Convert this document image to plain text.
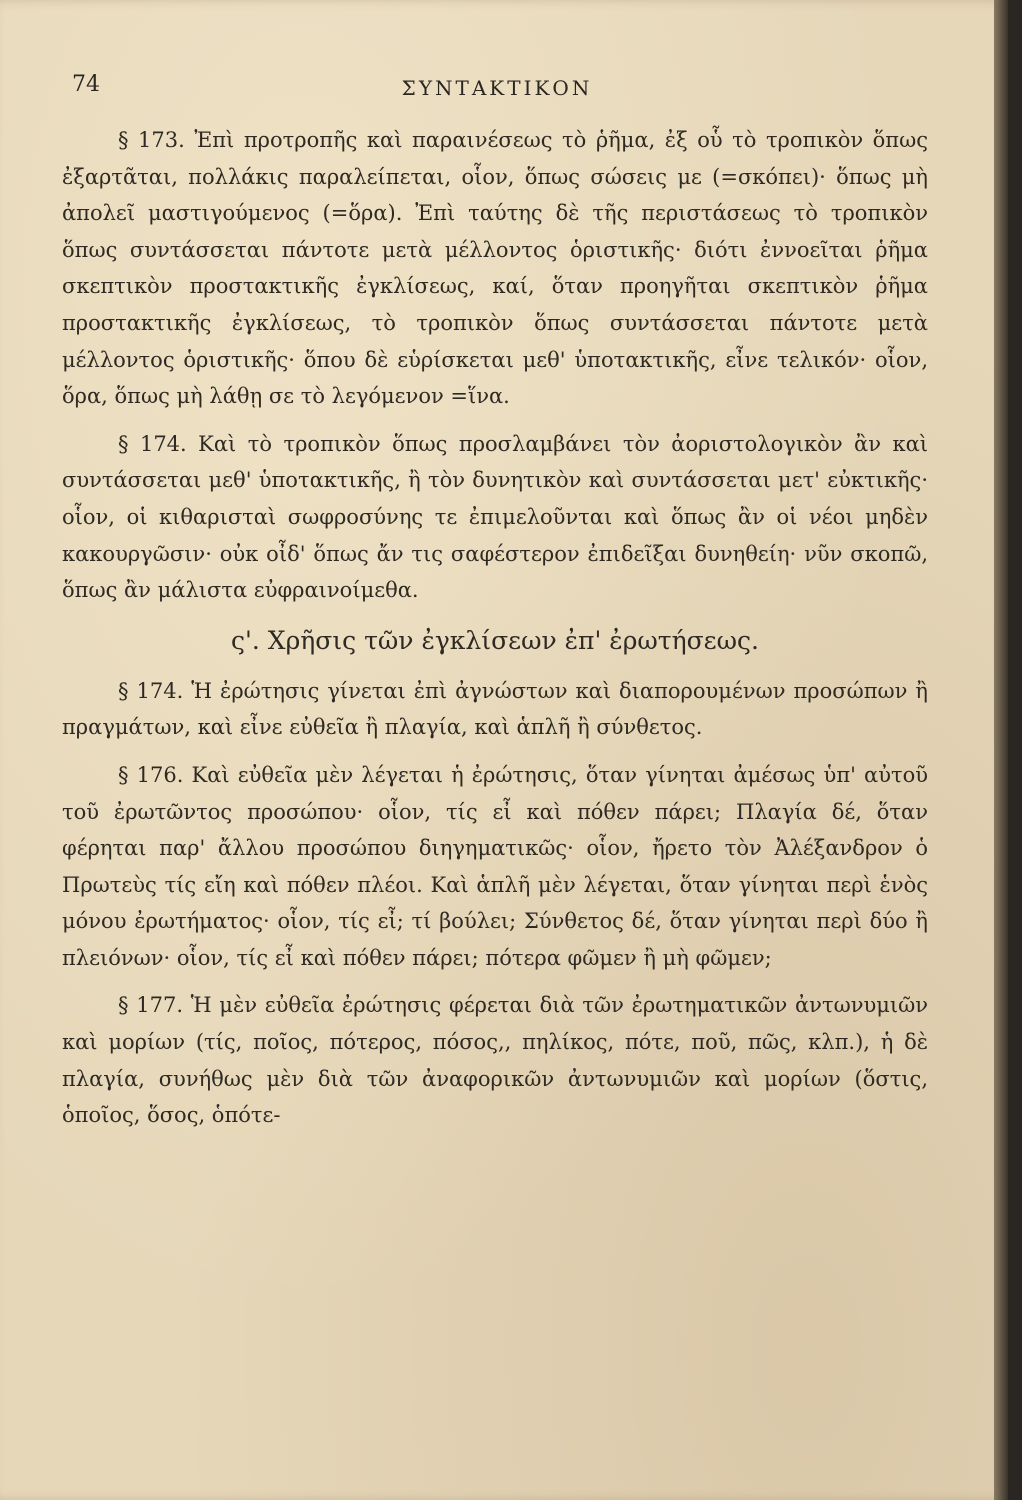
74	ΣΥΝΤΑΚΤΙΚΟΝ

§ 173. Ἐπὶ προτροπῆς καὶ παραινέσεως τὸ ῥῆμα, ἐξ οὗ τὸ τροπικὸν ὅπως ἐξαρτᾶται, πολλάκις παραλείπεται, οἷον, ὅπως σώσεις με (=σκόπει)· ὅπως μὴ ἀπολεῖ μαστιγούμενος (=ὅρα). Ἐπὶ ταύτης δὲ τῆς περιστάσεως τὸ τροπικὸν ὅπως συντάσσεται πάντοτε μετὰ μέλλοντος ὁριστικῆς· διότι ἐννοεῖται ῥῆμα σκεπτικὸν προστακτικῆς ἐγκλίσεως, καί, ὅταν προηγῆται σκεπτικὸν ῥῆμα προστακτικῆς ἐγκλίσεως, τὸ τροπικὸν ὅπως συντάσσεται πάντοτε μετὰ μέλλοντος ὁριστικῆς· ὅπου δὲ εὑρίσκεται μεθ' ὑποτακτικῆς, εἶνε τελικόν· οἷον, ὅρα, ὅπως μὴ λάθῃ σε τὸ λεγόμενον =ἵνα.

§ 174. Καὶ τὸ τροπικὸν ὅπως προσλαμβάνει τὸν ἀοριστολογικὸν ἂν καὶ συντάσσεται μεθ' ὑποτακτικῆς, ἢ τὸν δυνητικὸν καὶ συντάσσεται μετ' εὐκτικῆς· οἷον, οἱ κιθαρισταὶ σωφροσύνης τε ἐπιμελοῦνται καὶ ὅπως ἂν οἱ νέοι μηδὲν κακουργῶσιν· οὐκ οἶδ' ὅπως ἄν τις σαφέστερον ἐπιδεῖξαι δυνηθείη· νῦν σκοπῶ, ὅπως ἂν μάλιστα εὐφραινοίμεθα.

ς'. Χρῆσις τῶν ἐγκλίσεων ἐπ' ἐρωτήσεως.

§ 174. Ἡ ἐρώτησις γίνεται ἐπὶ ἀγνώστων καὶ διαπορουμένων προσώπων ἢ πραγμάτων, καὶ εἶνε εὐθεῖα ἢ πλαγία, καὶ ἁπλῆ ἢ σύνθετος.

§ 176. Καὶ εὐθεῖα μὲν λέγεται ἡ ἐρώτησις, ὅταν γίνηται ἀμέσως ὑπ' αὐτοῦ τοῦ ἐρωτῶντος προσώπου· οἷον, τίς εἶ καὶ πόθεν πάρει; Πλαγία δέ, ὅταν φέρηται παρ' ἄλλου προσώπου διηγηματικῶς· οἷον, ἤρετο τὸν Ἀλέξανδρον ὁ Πρωτεὺς τίς εἴη καὶ πόθεν πλέοι. Καὶ ἁπλῆ μὲν λέγεται, ὅταν γίνηται περὶ ἑνὸς μόνου ἐρωτήματος· οἷον, τίς εἶ; τί βούλει; Σύνθετος δέ, ὅταν γίνηται περὶ δύο ἢ πλειόνων· οἷον, τίς εἶ καὶ πόθεν πάρει; πότερα φῶμεν ἢ μὴ φῶμεν;

§ 177. Ἡ μὲν εὐθεῖα ἐρώτησις φέρεται διὰ τῶν ἐρωτηματικῶν ἀντωνυμιῶν καὶ μορίων (τίς, ποῖος, πότερος, πόσος,, πηλίκος, πότε, ποῦ, πῶς, κλπ.), ἡ δὲ πλαγία, συνήθως μὲν διὰ τῶν ἀναφορικῶν ἀντωνυμιῶν καὶ μορίων (ὅστις, ὁποῖος, ὅσος, ὁπότε-
